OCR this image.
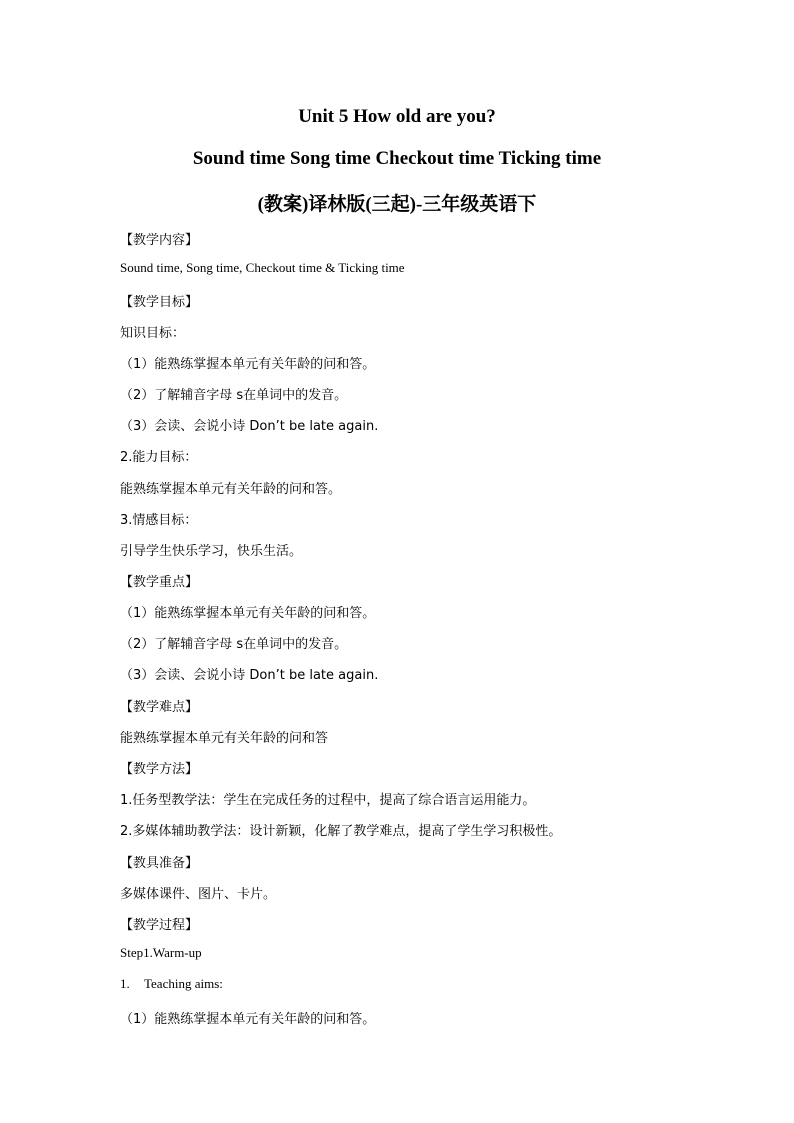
Unit 5 How old are you?
Sound time Song time Checkout time Ticking time
(教案)译林版(三起)-三年级英语下
【教学内容】
Sound time, Song time, Checkout time & Ticking time
【教学目标】
知识目标：
（1）能熟练掌握本单元有关年龄的问和答。
（2）了解辅音字母 s在单词中的发音。
（3）会读、会说小诗 Don’t be late again.
2.能力目标：
能熟练掌握本单元有关年龄的问和答。
3.情感目标：
引导学生快乐学习，快乐生活。
【教学重点】
（1）能熟练掌握本单元有关年龄的问和答。
（2）了解辅音字母 s在单词中的发音。
（3）会读、会说小诗 Don’t be late again.
【教学难点】
能熟练掌握本单元有关年龄的问和答
【教学方法】
1.任务型教学法：学生在完成任务的过程中，提高了综合语言运用能力。
2.多媒体辅助教学法：设计新颖，化解了教学难点，提高了学生学习积极性。
【教具准备】
多媒体课件、图片、卡片。
【教学过程】
Step1.Warm-up
1. Teaching aims:
（1）能熟练掌握本单元有关年龄的问和答。
